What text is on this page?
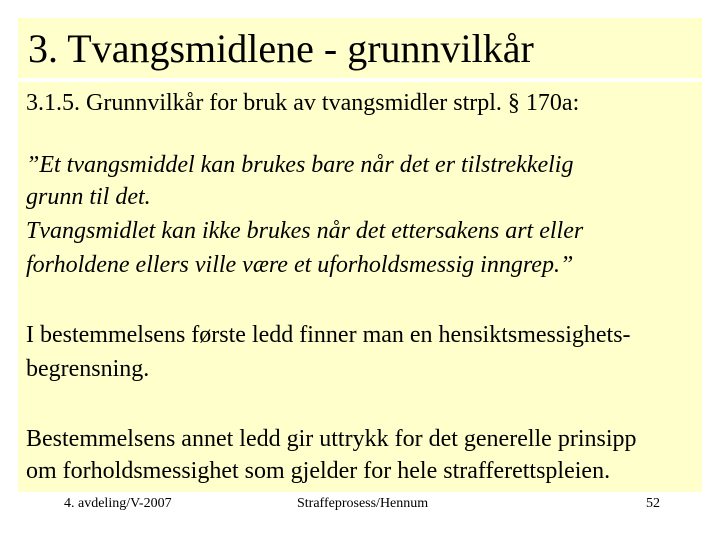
3. Tvangsmidlene - grunnvilkår
3.1.5. Grunnvilkår for bruk av tvangsmidler strpl. § 170a:
”Et tvangsmiddel kan brukes bare når det er tilstrekkelig
grunn til det.
Tvangsmidlet kan ikke brukes når det ettersakens art eller
forholdene ellers ville være et uforholdsmessig inngrep.”
I bestemmelsens første ledd finner man en hensiktsmessighets-
begrensning.
Bestemmelsens annet ledd gir uttrykk for det generelle prinsipp
om forholdsmessighet som gjelder for hele strafferettspleien.
4. avdeling/V-2007	Straffeprosess/Hennum	52
